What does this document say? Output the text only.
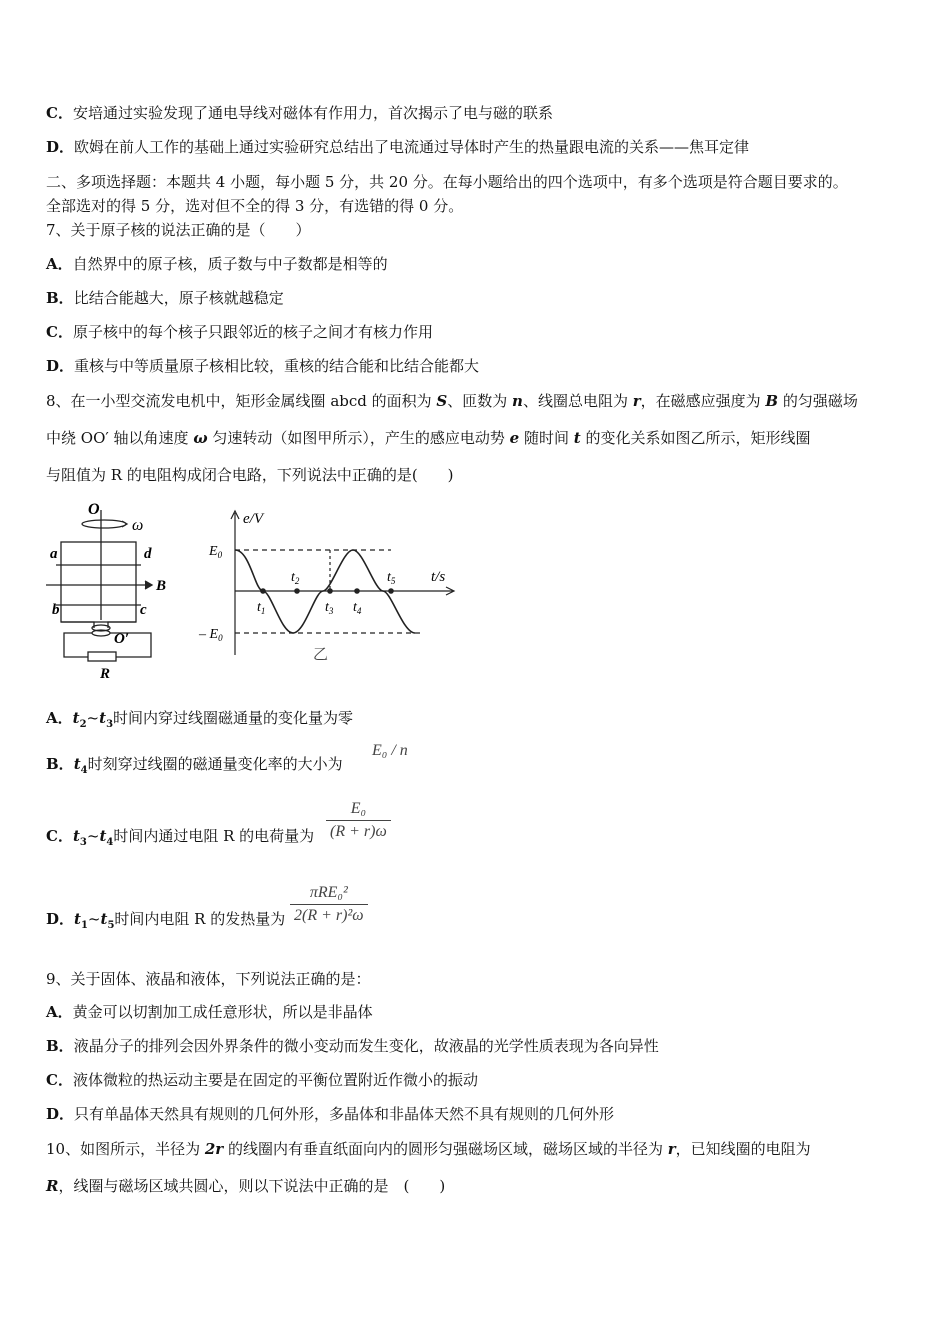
C．安培通过实验发现了通电导线对磁体有作用力，首次揭示了电与磁的联系
D．欧姆在前人工作的基础上通过实验研究总结出了电流通过导体时产生的热量跟电流的关系——焦耳定律
二、多项选择题：本题共 4 小题，每小题 5 分，共 20 分。在每小题给出的四个选项中，有多个选项是符合题目要求的。
全部选对的得 5 分，选对但不全的得 3 分，有选错的得 0 分。
7、关于原子核的说法正确的是（　　）
A．自然界中的原子核，质子数与中子数都是相等的
B．比结合能越大，原子核就越稳定
C．原子核中的每个核子只跟邻近的核子之间才有核力作用
D．重核与中等质量原子核相比较，重核的结合能和比结合能都大
8、在一小型交流发电机中，矩形金属线圈 abcd 的面积为 S、匝数为 n、线圈总电阻为 r，在磁感应强度为 B 的匀强磁场
中绕 OO′ 轴以角速度 ω 匀速转动（如图甲所示），产生的感应电动势 e 随时间 t 的变化关系如图乙所示，矩形线圈
与阻值为 R 的电阻构成闭合电路，下列说法中正确的是(　　)
O
ω
a	d
B
b	c
O′
R
e/V
t/s
$E_0$
– $E_0$
$t_1$
$t_2$
$t_3$ $t_4$
$t_5$
乙
A．$t_2\sim t_3$时间内穿过线圈磁通量的变化量为零
B．$t_4$时刻穿过线圈的磁通量变化率的大小为
E₀ / n
C．$t_3\sim t_4$时间内通过电阻 R 的电荷量为
E₀
(R + r)ω
D．$t_1\sim t_5$时间内电阻 R 的发热量为
πRE₀²
2(R + r)²ω
9、关于固体、液晶和液体，下列说法正确的是：
A．黄金可以切割加工成任意形状，所以是非晶体
B．液晶分子的排列会因外界条件的微小变动而发生变化，故液晶的光学性质表现为各向异性
C．液体微粒的热运动主要是在固定的平衡位置附近作微小的振动
D．只有单晶体天然具有规则的几何外形，多晶体和非晶体天然不具有规则的几何外形
10、如图所示，半径为 2r 的线圈内有垂直纸面向内的圆形匀强磁场区域，磁场区域的半径为 r，已知线圈的电阻为
R，线圈与磁场区域共圆心，则以下说法中正确的是　(　　)
